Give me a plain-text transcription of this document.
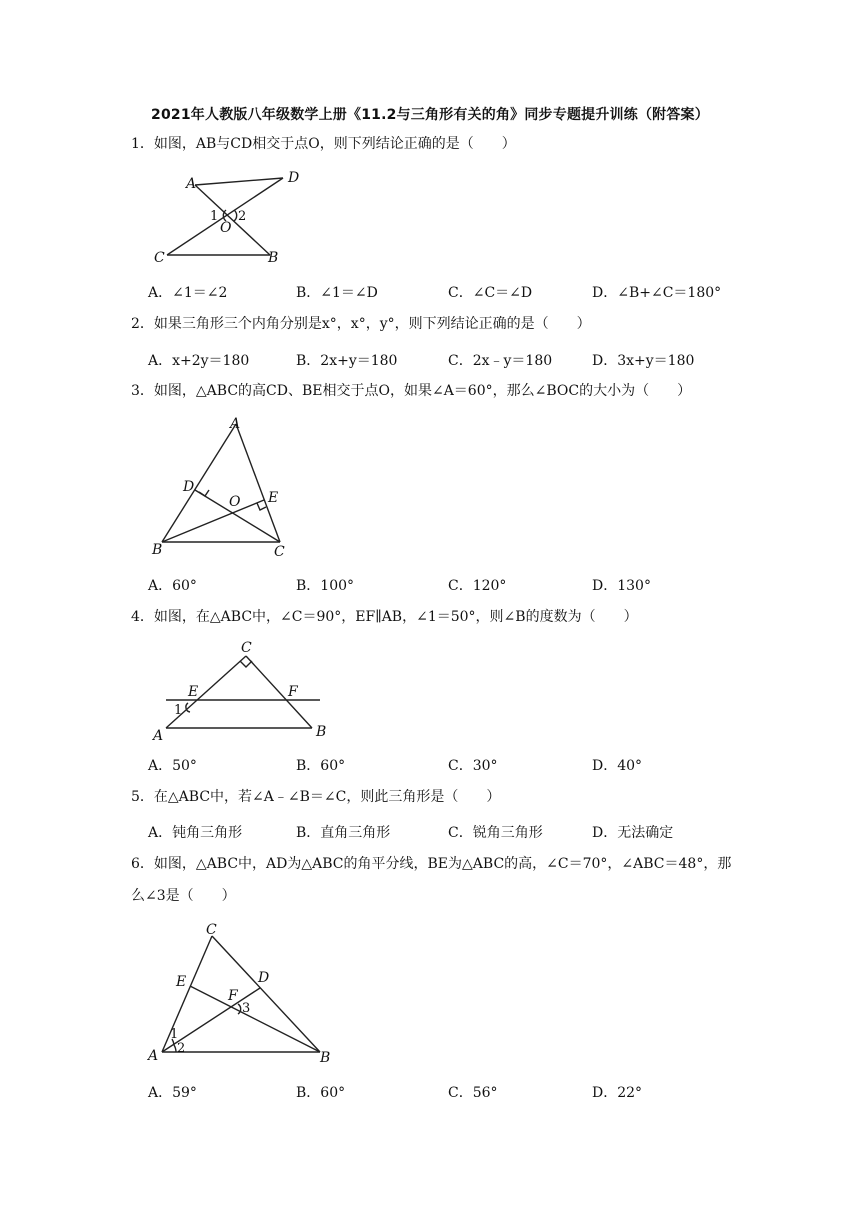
2021年人教版八年级数学上册《11.2与三角形有关的角》同步专题提升训练（附答案）
1．如图，AB与CD相交于点O，则下列结论正确的是（　　）
A	D
O
C	B
1 2
A．∠1＝∠2	B．∠1＝∠D	C．∠C＝∠D	D．∠B+∠C＝180°
2．如果三角形三个内角分别是x°，x°，y°，则下列结论正确的是（　　）
A．x+2y＝180	B．2x+y＝180	C．2x﹣y＝180	D．3x+y＝180
3．如图，△ABC的高CD、BE相交于点O，如果∠A＝60°，那么∠BOC的大小为（　　）
A
D
O E
B	C
A．60°	B．100°	C．120°	D．130°
4．如图，在△ABC中，∠C＝90°，EF∥AB，∠1＝50°，则∠B的度数为（　　）
C
E	F
A	B
1
A．50°	B．60°	C．30°	D．40°
5．在△ABC中，若∠A﹣∠B＝∠C，则此三角形是（　　）
A．钝角三角形	B．直角三角形	C．锐角三角形	D．无法确定
6．如图，△ABC中，AD为△ABC的角平分线，BE为△ABC的高，∠C＝70°，∠ABC＝48°，那么∠3是（　　）
C
E	D
F
A	B
1
2
3
A．59°	B．60°	C．56°	D．22°
